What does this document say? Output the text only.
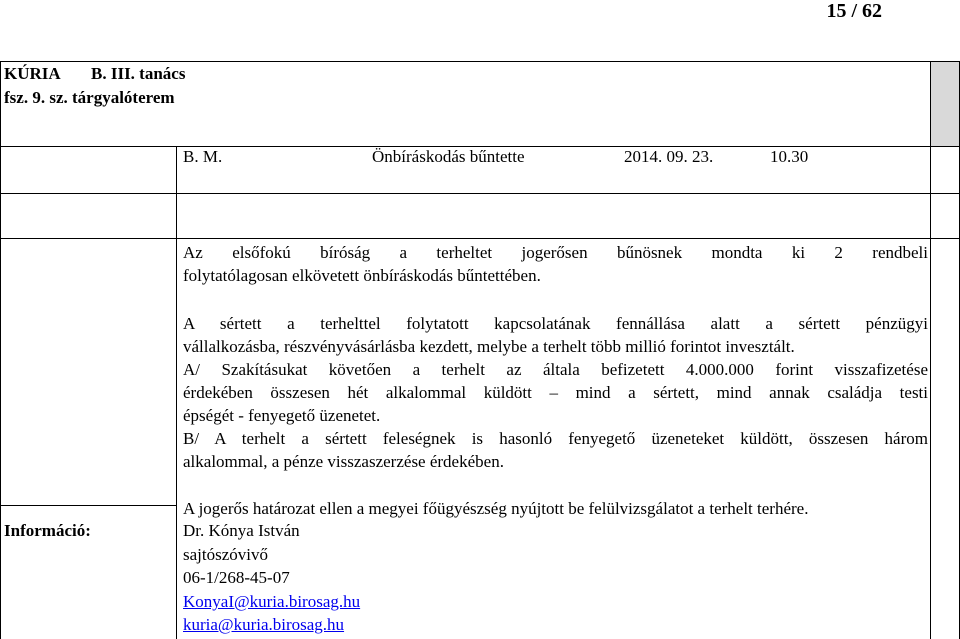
15 / 62
KÚRIA B. III. tanács
fsz. 9. sz. tárgyalóterem
B. M.	Önbíráskodás bűntette	2014. 09. 23.	10.30
Az elsőfokú bíróság a terheltet jogerősen bűnösnek mondta ki 2 rendbeli
folytatólagosan elkövetett önbíráskodás bűntettében.
A sértett a terhelttel folytatott kapcsolatának fennállása alatt a sértett pénzügyi
vállalkozásba, részvényvásárlásba kezdett, melybe a terhelt több millió forintot invesztált.
A/ Szakításukat követően a terhelt az általa befizetett 4.000.000 forint visszafizetése
érdekében összesen hét alkalommal küldött – mind a sértett, mind annak családja testi
épségét - fenyegető üzenetet.
B/ A terhelt a sértett feleségnek is hasonló fenyegető üzeneteket küldött, összesen három
alkalommal, a pénze visszaszerzése érdekében.
A jogerős határozat ellen a megyei főügyészség nyújtott be felülvizsgálatot a terhelt terhére.
Információ:	Dr. Kónya István
sajtószóvivő
06-1/268-45-07
KonyaI@kuria.birosag.hu
kuria@kuria.birosag.hu
